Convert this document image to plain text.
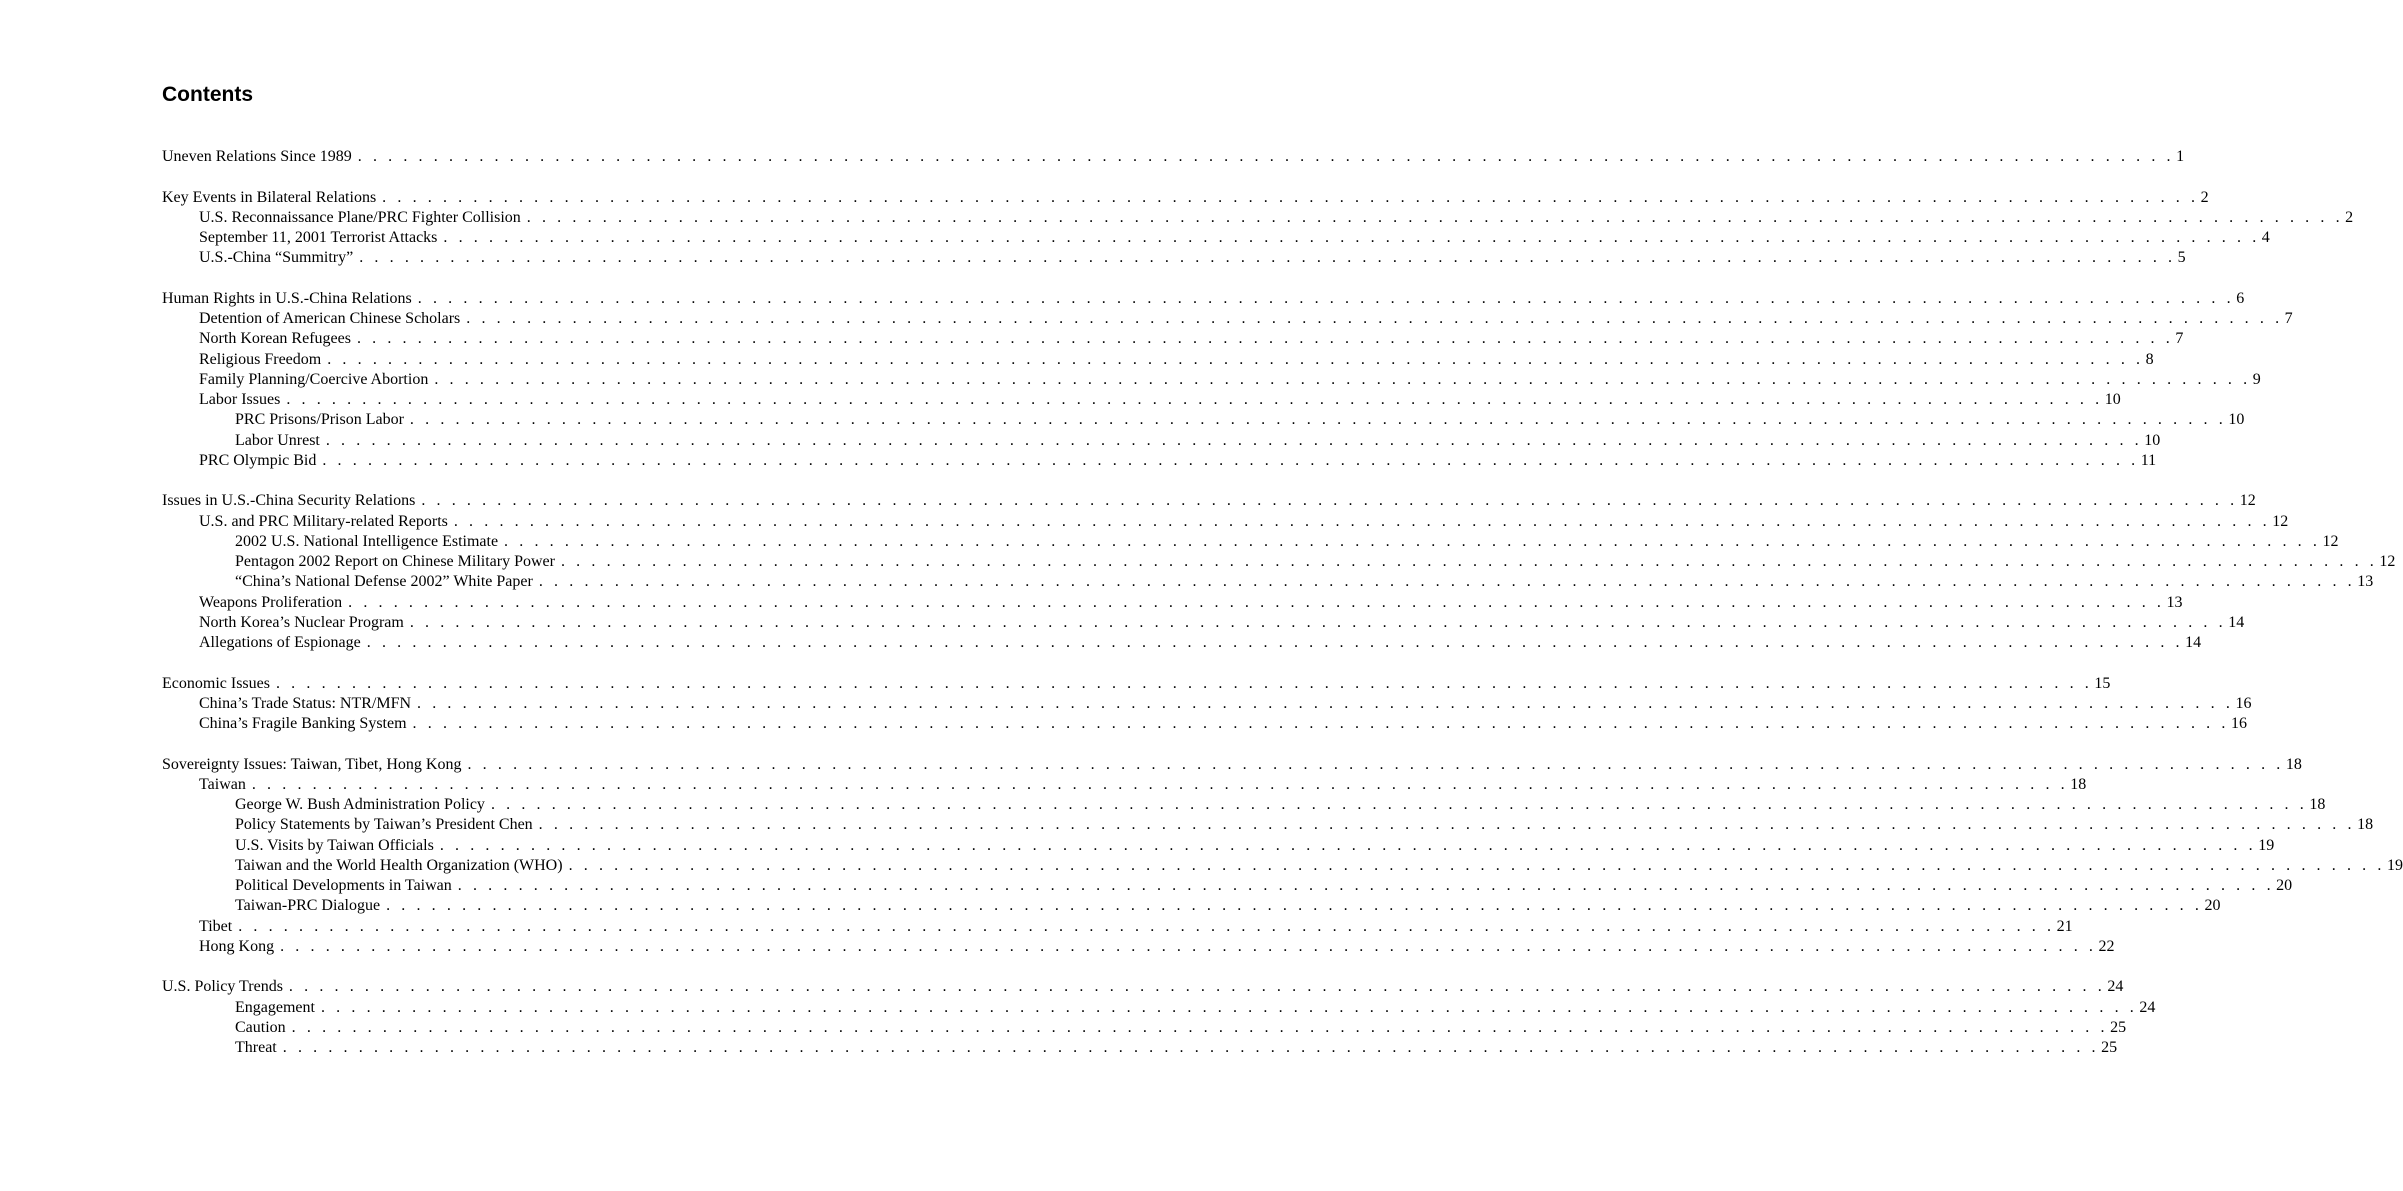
Contents
Uneven Relations Since 1989 . . . . . . . . . . . . . . . . . . . . . . . . . . . . . . . . . . . . . . . . . . . . . . . . . . . . . . . . . . . . . . . . . . . . . . . . . . . . . . . . . . . . . . . . . . . . . . . . . . . . . . . . . . . . . . . . . . . . . . . . 1
Key Events in Bilateral Relations . . . . . . . . . . . . . . . . . . . . . . . . . . . . . . . . . . . . . . . . . . . . . . . . . . . . . . . . . . . . . . . . . . . . . . . . . . . . . . . . . . . . . . . . . . . . . . . . . . . . . . . . . . . . . . . . . . . . . . . . 2
U.S. Reconnaissance Plane/PRC Fighter Collision . . . . . . . . . . . . . . . . . . . . . . . . . . . . . . . . . . . . . . . . . . . . . . . . . . . . . . . . . . . . . . . . . . . . . . . . . . . . . . . . . . . . . . . . . . . . . . . . . . . . . . . . . . . . . . . . . . . . . . . . 2
September 11, 2001 Terrorist Attacks . . . . . . . . . . . . . . . . . . . . . . . . . . . . . . . . . . . . . . . . . . . . . . . . . . . . . . . . . . . . . . . . . . . . . . . . . . . . . . . . . . . . . . . . . . . . . . . . . . . . . . . . . . . . . . . . . . . . . . . . 4
U.S.-China “Summitry” . . . . . . . . . . . . . . . . . . . . . . . . . . . . . . . . . . . . . . . . . . . . . . . . . . . . . . . . . . . . . . . . . . . . . . . . . . . . . . . . . . . . . . . . . . . . . . . . . . . . . . . . . . . . . . . . . . . . . . . . 5
Human Rights in U.S.-China Relations . . . . . . . . . . . . . . . . . . . . . . . . . . . . . . . . . . . . . . . . . . . . . . . . . . . . . . . . . . . . . . . . . . . . . . . . . . . . . . . . . . . . . . . . . . . . . . . . . . . . . . . . . . . . . . . . . . . . . . . . 6
Detention of American Chinese Scholars . . . . . . . . . . . . . . . . . . . . . . . . . . . . . . . . . . . . . . . . . . . . . . . . . . . . . . . . . . . . . . . . . . . . . . . . . . . . . . . . . . . . . . . . . . . . . . . . . . . . . . . . . . . . . . . . . . . . . . . . 7
North Korean Refugees . . . . . . . . . . . . . . . . . . . . . . . . . . . . . . . . . . . . . . . . . . . . . . . . . . . . . . . . . . . . . . . . . . . . . . . . . . . . . . . . . . . . . . . . . . . . . . . . . . . . . . . . . . . . . . . . . . . . . . . . 7
Religious Freedom . . . . . . . . . . . . . . . . . . . . . . . . . . . . . . . . . . . . . . . . . . . . . . . . . . . . . . . . . . . . . . . . . . . . . . . . . . . . . . . . . . . . . . . . . . . . . . . . . . . . . . . . . . . . . . . . . . . . . . . . 8
Family Planning/Coercive Abortion . . . . . . . . . . . . . . . . . . . . . . . . . . . . . . . . . . . . . . . . . . . . . . . . . . . . . . . . . . . . . . . . . . . . . . . . . . . . . . . . . . . . . . . . . . . . . . . . . . . . . . . . . . . . . . . . . . . . . . . . 9
Labor Issues . . . . . . . . . . . . . . . . . . . . . . . . . . . . . . . . . . . . . . . . . . . . . . . . . . . . . . . . . . . . . . . . . . . . . . . . . . . . . . . . . . . . . . . . . . . . . . . . . . . . . . . . . . . . . . . . . . . . . . . . 10
PRC Prisons/Prison Labor . . . . . . . . . . . . . . . . . . . . . . . . . . . . . . . . . . . . . . . . . . . . . . . . . . . . . . . . . . . . . . . . . . . . . . . . . . . . . . . . . . . . . . . . . . . . . . . . . . . . . . . . . . . . . . . . . . . . . . . . 10
Labor Unrest . . . . . . . . . . . . . . . . . . . . . . . . . . . . . . . . . . . . . . . . . . . . . . . . . . . . . . . . . . . . . . . . . . . . . . . . . . . . . . . . . . . . . . . . . . . . . . . . . . . . . . . . . . . . . . . . . . . . . . . . 10
PRC Olympic Bid . . . . . . . . . . . . . . . . . . . . . . . . . . . . . . . . . . . . . . . . . . . . . . . . . . . . . . . . . . . . . . . . . . . . . . . . . . . . . . . . . . . . . . . . . . . . . . . . . . . . . . . . . . . . . . . . . . . . . . . . 11
Issues in U.S.-China Security Relations . . . . . . . . . . . . . . . . . . . . . . . . . . . . . . . . . . . . . . . . . . . . . . . . . . . . . . . . . . . . . . . . . . . . . . . . . . . . . . . . . . . . . . . . . . . . . . . . . . . . . . . . . . . . . . . . . . . . . . . . 12
U.S. and PRC Military-related Reports . . . . . . . . . . . . . . . . . . . . . . . . . . . . . . . . . . . . . . . . . . . . . . . . . . . . . . . . . . . . . . . . . . . . . . . . . . . . . . . . . . . . . . . . . . . . . . . . . . . . . . . . . . . . . . . . . . . . . . . . 12
2002 U.S. National Intelligence Estimate . . . . . . . . . . . . . . . . . . . . . . . . . . . . . . . . . . . . . . . . . . . . . . . . . . . . . . . . . . . . . . . . . . . . . . . . . . . . . . . . . . . . . . . . . . . . . . . . . . . . . . . . . . . . . . . . . . . . . . . . 12
Pentagon 2002 Report on Chinese Military Power . . . . . . . . . . . . . . . . . . . . . . . . . . . . . . . . . . . . . . . . . . . . . . . . . . . . . . . . . . . . . . . . . . . . . . . . . . . . . . . . . . . . . . . . . . . . . . . . . . . . . . . . . . . . . . . . . . . . . . . . 12
“China’s National Defense 2002” White Paper . . . . . . . . . . . . . . . . . . . . . . . . . . . . . . . . . . . . . . . . . . . . . . . . . . . . . . . . . . . . . . . . . . . . . . . . . . . . . . . . . . . . . . . . . . . . . . . . . . . . . . . . . . . . . . . . . . . . . . . . 13
Weapons Proliferation . . . . . . . . . . . . . . . . . . . . . . . . . . . . . . . . . . . . . . . . . . . . . . . . . . . . . . . . . . . . . . . . . . . . . . . . . . . . . . . . . . . . . . . . . . . . . . . . . . . . . . . . . . . . . . . . . . . . . . . . 13
North Korea’s Nuclear Program . . . . . . . . . . . . . . . . . . . . . . . . . . . . . . . . . . . . . . . . . . . . . . . . . . . . . . . . . . . . . . . . . . . . . . . . . . . . . . . . . . . . . . . . . . . . . . . . . . . . . . . . . . . . . . . . . . . . . . . . 14
Allegations of Espionage . . . . . . . . . . . . . . . . . . . . . . . . . . . . . . . . . . . . . . . . . . . . . . . . . . . . . . . . . . . . . . . . . . . . . . . . . . . . . . . . . . . . . . . . . . . . . . . . . . . . . . . . . . . . . . . . . . . . . . . . 14
Economic Issues . . . . . . . . . . . . . . . . . . . . . . . . . . . . . . . . . . . . . . . . . . . . . . . . . . . . . . . . . . . . . . . . . . . . . . . . . . . . . . . . . . . . . . . . . . . . . . . . . . . . . . . . . . . . . . . . . . . . . . . . 15
China’s Trade Status: NTR/MFN . . . . . . . . . . . . . . . . . . . . . . . . . . . . . . . . . . . . . . . . . . . . . . . . . . . . . . . . . . . . . . . . . . . . . . . . . . . . . . . . . . . . . . . . . . . . . . . . . . . . . . . . . . . . . . . . . . . . . . . . 16
China’s Fragile Banking System . . . . . . . . . . . . . . . . . . . . . . . . . . . . . . . . . . . . . . . . . . . . . . . . . . . . . . . . . . . . . . . . . . . . . . . . . . . . . . . . . . . . . . . . . . . . . . . . . . . . . . . . . . . . . . . . . . . . . . . . 16
Sovereignty Issues: Taiwan, Tibet, Hong Kong . . . . . . . . . . . . . . . . . . . . . . . . . . . . . . . . . . . . . . . . . . . . . . . . . . . . . . . . . . . . . . . . . . . . . . . . . . . . . . . . . . . . . . . . . . . . . . . . . . . . . . . . . . . . . . . . . . . . . . . . 18
Taiwan . . . . . . . . . . . . . . . . . . . . . . . . . . . . . . . . . . . . . . . . . . . . . . . . . . . . . . . . . . . . . . . . . . . . . . . . . . . . . . . . . . . . . . . . . . . . . . . . . . . . . . . . . . . . . . . . . . . . . . . . 18
George W. Bush Administration Policy . . . . . . . . . . . . . . . . . . . . . . . . . . . . . . . . . . . . . . . . . . . . . . . . . . . . . . . . . . . . . . . . . . . . . . . . . . . . . . . . . . . . . . . . . . . . . . . . . . . . . . . . . . . . . . . . . . . . . . . . 18
Policy Statements by Taiwan’s President Chen . . . . . . . . . . . . . . . . . . . . . . . . . . . . . . . . . . . . . . . . . . . . . . . . . . . . . . . . . . . . . . . . . . . . . . . . . . . . . . . . . . . . . . . . . . . . . . . . . . . . . . . . . . . . . . . . . . . . . . . . 18
U.S. Visits by Taiwan Officials . . . . . . . . . . . . . . . . . . . . . . . . . . . . . . . . . . . . . . . . . . . . . . . . . . . . . . . . . . . . . . . . . . . . . . . . . . . . . . . . . . . . . . . . . . . . . . . . . . . . . . . . . . . . . . . . . . . . . . . . 19
Taiwan and the World Health Organization (WHO) . . . . . . . . . . . . . . . . . . . . . . . . . . . . . . . . . . . . . . . . . . . . . . . . . . . . . . . . . . . . . . . . . . . . . . . . . . . . . . . . . . . . . . . . . . . . . . . . . . . . . . . . . . . . . . . . . . . . . . . . 19
Political Developments in Taiwan . . . . . . . . . . . . . . . . . . . . . . . . . . . . . . . . . . . . . . . . . . . . . . . . . . . . . . . . . . . . . . . . . . . . . . . . . . . . . . . . . . . . . . . . . . . . . . . . . . . . . . . . . . . . . . . . . . . . . . . . 20
Taiwan-PRC Dialogue . . . . . . . . . . . . . . . . . . . . . . . . . . . . . . . . . . . . . . . . . . . . . . . . . . . . . . . . . . . . . . . . . . . . . . . . . . . . . . . . . . . . . . . . . . . . . . . . . . . . . . . . . . . . . . . . . . . . . . . . 20
Tibet . . . . . . . . . . . . . . . . . . . . . . . . . . . . . . . . . . . . . . . . . . . . . . . . . . . . . . . . . . . . . . . . . . . . . . . . . . . . . . . . . . . . . . . . . . . . . . . . . . . . . . . . . . . . . . . . . . . . . . . . 21
Hong Kong . . . . . . . . . . . . . . . . . . . . . . . . . . . . . . . . . . . . . . . . . . . . . . . . . . . . . . . . . . . . . . . . . . . . . . . . . . . . . . . . . . . . . . . . . . . . . . . . . . . . . . . . . . . . . . . . . . . . . . . . 22
U.S. Policy Trends . . . . . . . . . . . . . . . . . . . . . . . . . . . . . . . . . . . . . . . . . . . . . . . . . . . . . . . . . . . . . . . . . . . . . . . . . . . . . . . . . . . . . . . . . . . . . . . . . . . . . . . . . . . . . . . . . . . . . . . . 24
Engagement . . . . . . . . . . . . . . . . . . . . . . . . . . . . . . . . . . . . . . . . . . . . . . . . . . . . . . . . . . . . . . . . . . . . . . . . . . . . . . . . . . . . . . . . . . . . . . . . . . . . . . . . . . . . . . . . . . . . . . . . 24
Caution . . . . . . . . . . . . . . . . . . . . . . . . . . . . . . . . . . . . . . . . . . . . . . . . . . . . . . . . . . . . . . . . . . . . . . . . . . . . . . . . . . . . . . . . . . . . . . . . . . . . . . . . . . . . . . . . . . . . . . . . 25
Threat . . . . . . . . . . . . . . . . . . . . . . . . . . . . . . . . . . . . . . . . . . . . . . . . . . . . . . . . . . . . . . . . . . . . . . . . . . . . . . . . . . . . . . . . . . . . . . . . . . . . . . . . . . . . . . . . . . . . . . . . 25
